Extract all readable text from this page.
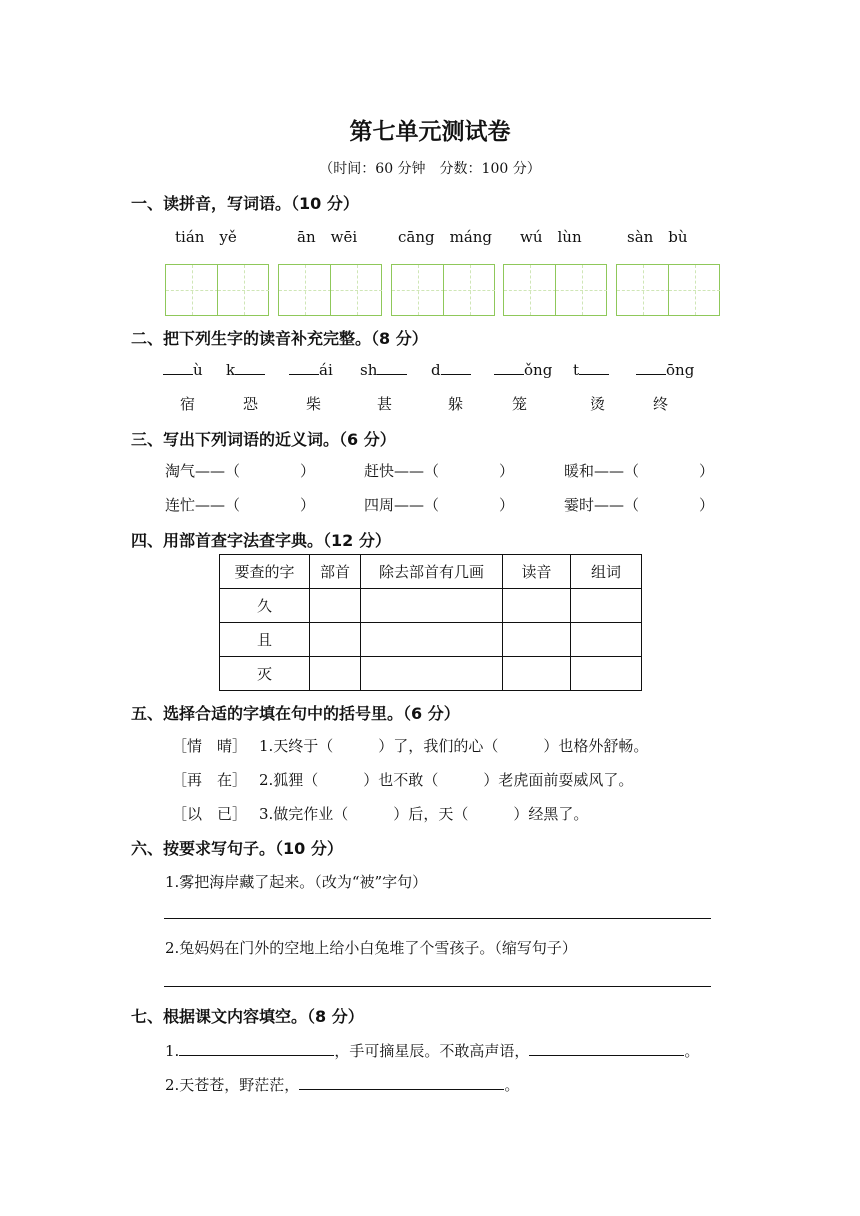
第七单元测试卷
（时间：60 分钟　分数：100 分）
一、读拼音，写词语。（10 分）
tián　yě	ān　wēi	cāng　máng wú　lùn	sàn　bù
二、把下列生字的读音补充完整。（8 分）
ù k	ái sh	d	ǒng t	ōng
宿	恐	柴	甚	躲	笼	烫	终
三、写出下列词语的近义词。（6 分）
淘气——（　　　　）	赶快——（　　　　）	暖和——（　　　　）
连忙——（　　　　）	四周——（　　　　）	霎时——（　　　　）
四、用部首查字法查字典。（12 分）
要查的字	部首	除去部首有几画	读音	组词
久				
且				
灭				
五、选择合适的字填在句中的括号里。（6 分）
［情　晴］ 1.天终于（　　　）了，我们的心（　　　）也格外舒畅。
［再　在］ 2.狐狸（　　　）也不敢（　　　）老虎面前耍威风了。
［以　已］ 3.做完作业（　　　）后，天（　　　）经黑了。
六、按要求写句子。（10 分）
1.雾把海岸藏了起来。（改为“被”字句）
2.兔妈妈在门外的空地上给小白兔堆了个雪孩子。（缩写句子）
七、根据课文内容填空。（8 分）
1.	，手可摘星辰。不敢高声语，	。
2.天苍苍，野茫茫，	。
